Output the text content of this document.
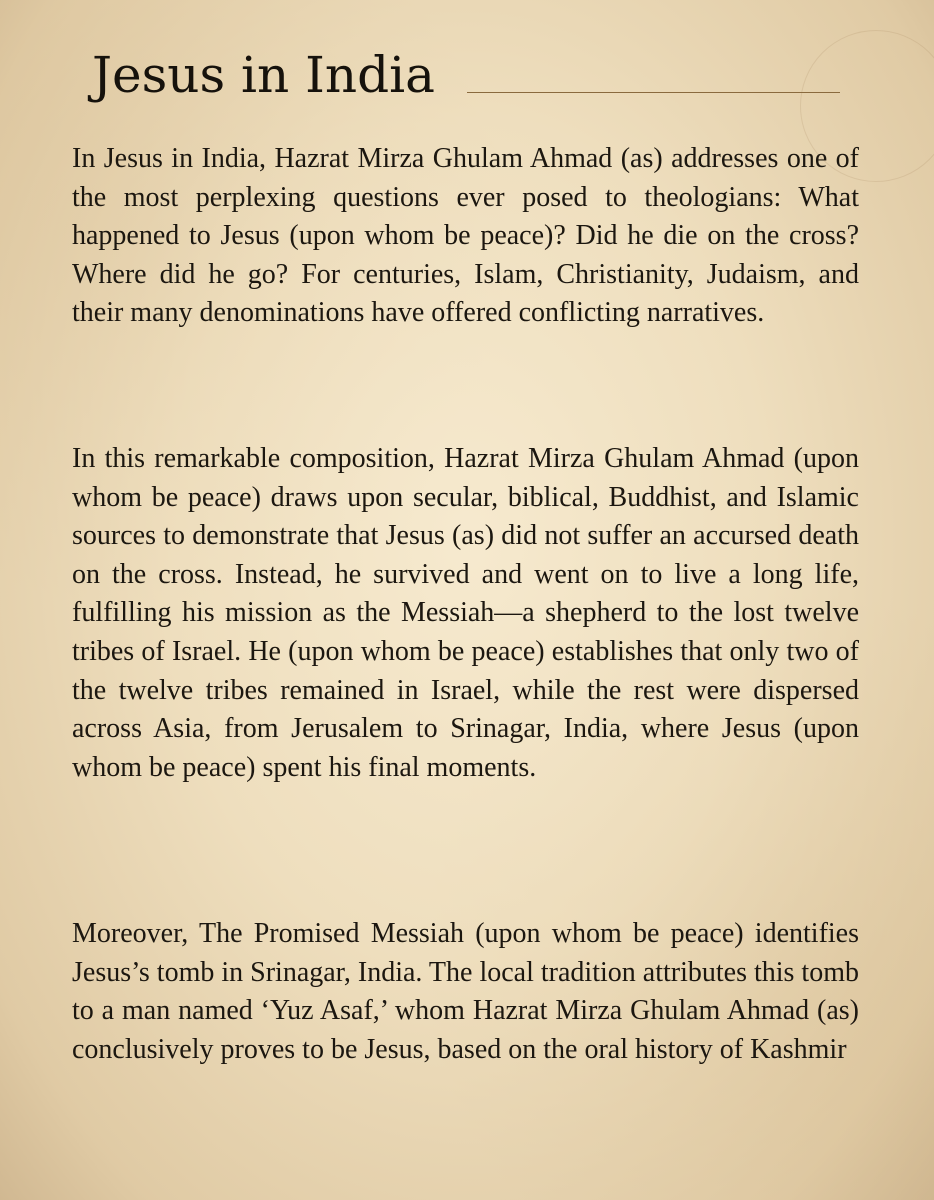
Jesus in India

In Jesus in India, Hazrat Mirza Ghulam Ahmad (as) addresses one of the most perplexing questions ever posed to theologians: What happened to Jesus (upon whom be peace)? Did he die on the cross? Where did he go? For centuries, Islam, Christianity, Judaism, and their many denominations have offered conflicting narratives.

In this remarkable composition, Hazrat Mirza Ghulam Ahmad (upon whom be peace) draws upon secular, biblical, Buddhist, and Islamic sources to demonstrate that Jesus (as) did not suffer an accursed death on the cross. Instead, he survived and went on to live a long life, fulfilling his mission as the Messiah—a shepherd to the lost twelve tribes of Israel. He (upon whom be peace) establishes that only two of the twelve tribes remained in Israel, while the rest were dispersed across Asia, from Jerusalem to Srinagar, India, where Jesus (upon whom be peace) spent his final moments.

Moreover, The Promised Messiah (upon whom be peace) identifies Jesus’s tomb in Srinagar, India. The local tradition attributes this tomb to a man named ‘Yuz Asaf,’ whom Hazrat Mirza Ghulam Ahmad (as) conclusively proves to be Jesus, based on the oral history of Kashmir
